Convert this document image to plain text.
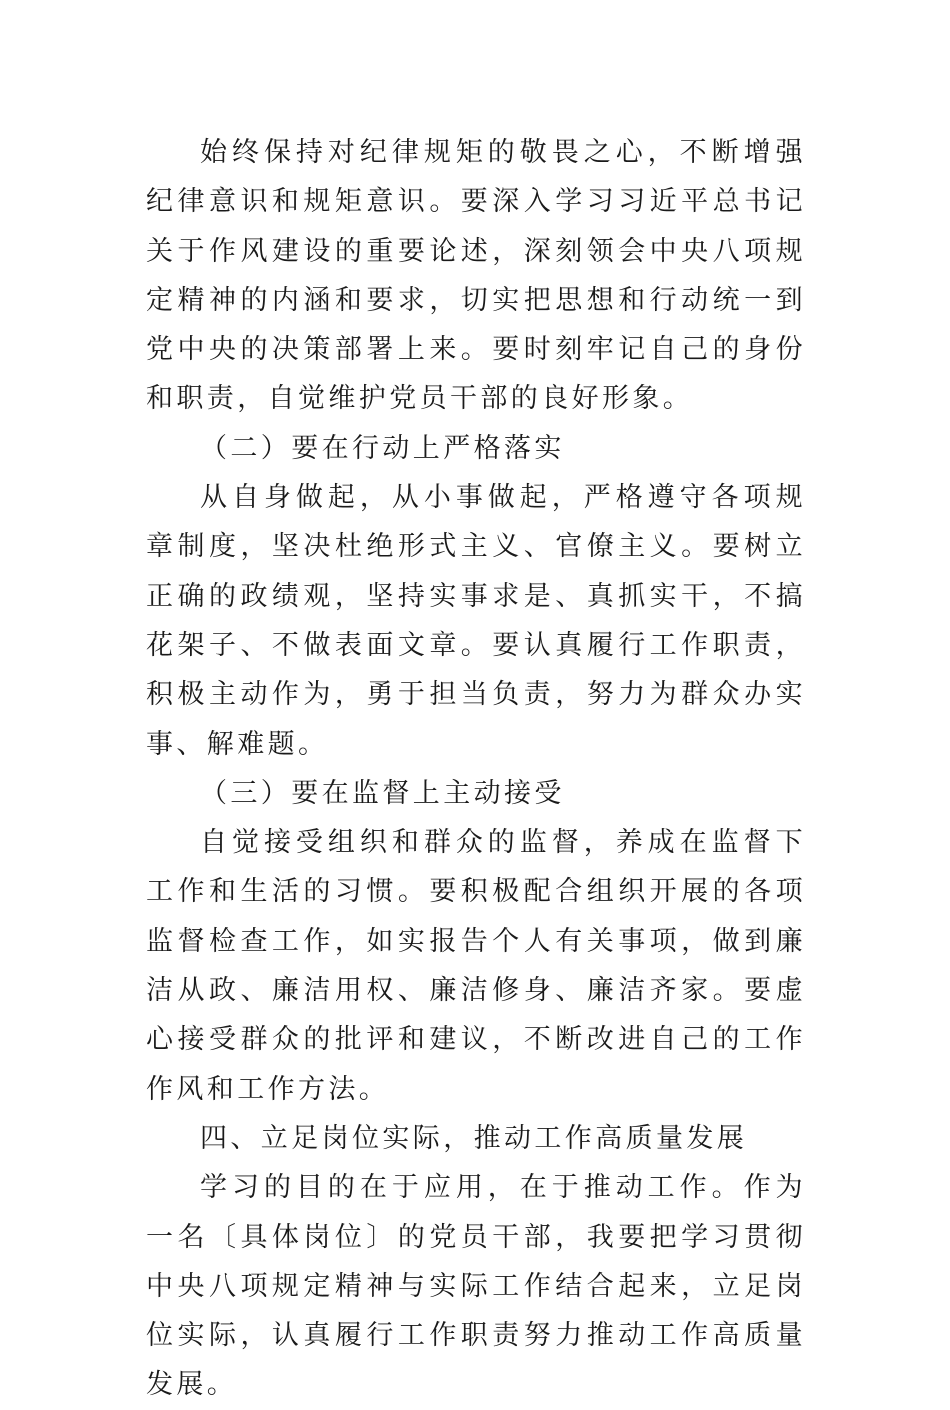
始终保持对纪律规矩的敬畏之心，不断增强纪律意识和规矩意识。要深入学习习近平总书记关于作风建设的重要论述，深刻领会中央八项规定精神的内涵和要求，切实把思想和行动统一到党中央的决策部署上来。要时刻牢记自己的身份和职责，自觉维护党员干部的良好形象。

（二）要在行动上严格落实

从自身做起，从小事做起，严格遵守各项规章制度，坚决杜绝形式主义、官僚主义。要树立正确的政绩观，坚持实事求是、真抓实干，不搞花架子、不做表面文章。要认真履行工作职责，积极主动作为，勇于担当负责，努力为群众办实事、解难题。

（三）要在监督上主动接受

自觉接受组织和群众的监督，养成在监督下工作和生活的习惯。要积极配合组织开展的各项监督检查工作，如实报告个人有关事项，做到廉洁从政、廉洁用权、廉洁修身、廉洁齐家。要虚心接受群众的批评和建议，不断改进自己的工作作风和工作方法。

四、立足岗位实际，推动工作高质量发展

学习的目的在于应用，在于推动工作。作为一名〔具体岗位〕的党员干部，我要把学习贯彻中央八项规定精神与实际工作结合起来，立足岗位实际，认真履行工作职责努力推动工作高质量发展。
